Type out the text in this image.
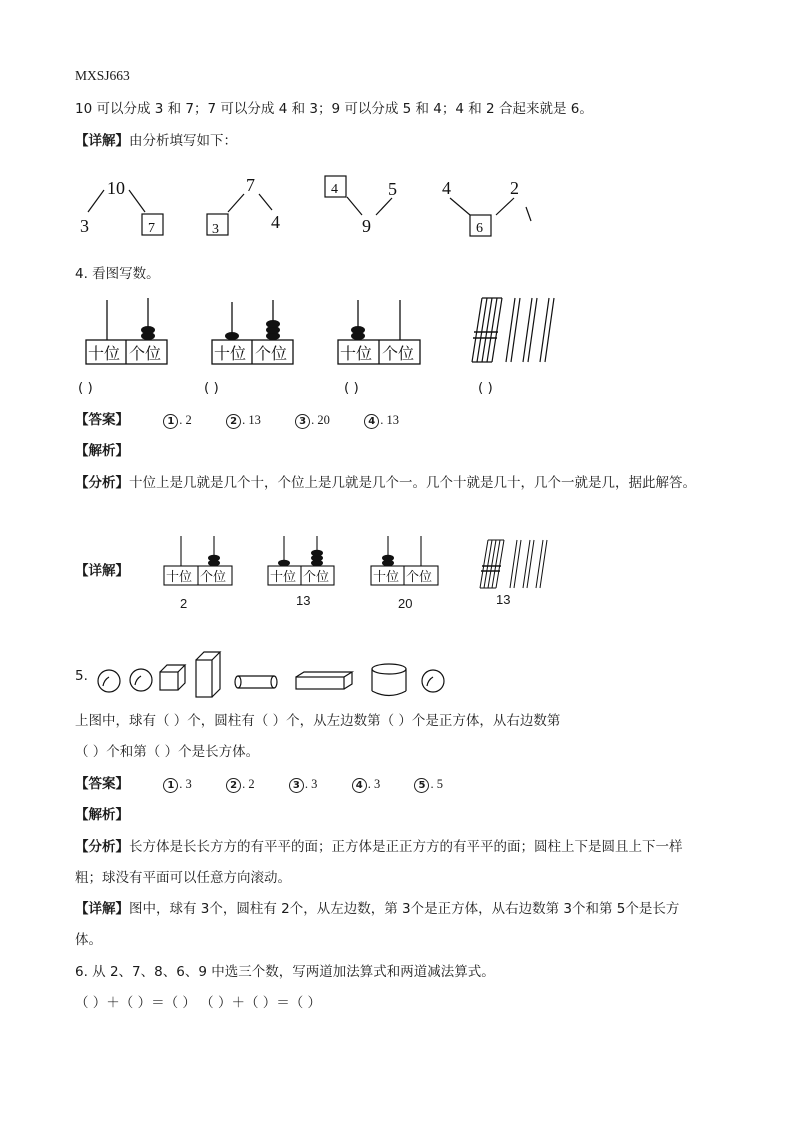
MXSJ663
10 可以分成 3 和 7；7 可以分成 4 和 3；9 可以分成 5 和 4；4 和 2 合起来就是 6。
【详解】由分析填写如下：
10
3	7
7
3	4
4	5
9
4	2
6
4. 看图写数。
十位 个位	十位 个位	十位 个位
( )	( )	( )	( )
【答案】	1 . 2	2 . 13	3 . 20	4 . 13
【解析】
【分析】十位上是几就是几个十，个位上是几就是几个一。几个十就是几十，几个一就是几，据此解答。
【详解】	十位 个位	十位 个位	十位 个位
2	13	20	13
5.
上图中，球有（ ）个，圆柱有（ ）个，从左边数第（ ）个是正方体，从右边数第
（ ）个和第（ ）个是长方体。
【答案】	1 . 3	2 . 2	3 . 3	4 . 3	5 . 5
【解析】
【分析】长方体是长长方方的有平平的面；正方体是正正方方的有平平的面；圆柱上下是圆且上下一样
粗；球没有平面可以任意方向滚动。
【详解】图中，球有 3个，圆柱有 2个，从左边数，第 3个是正方体，从右边数第 3个和第 5个是长方
体。
6. 从 2、7、8、6、9 中选三个数，写两道加法算式和两道减法算式。
（ ）＋（ ）＝（ ） （ ）＋（ ）＝（ ）
